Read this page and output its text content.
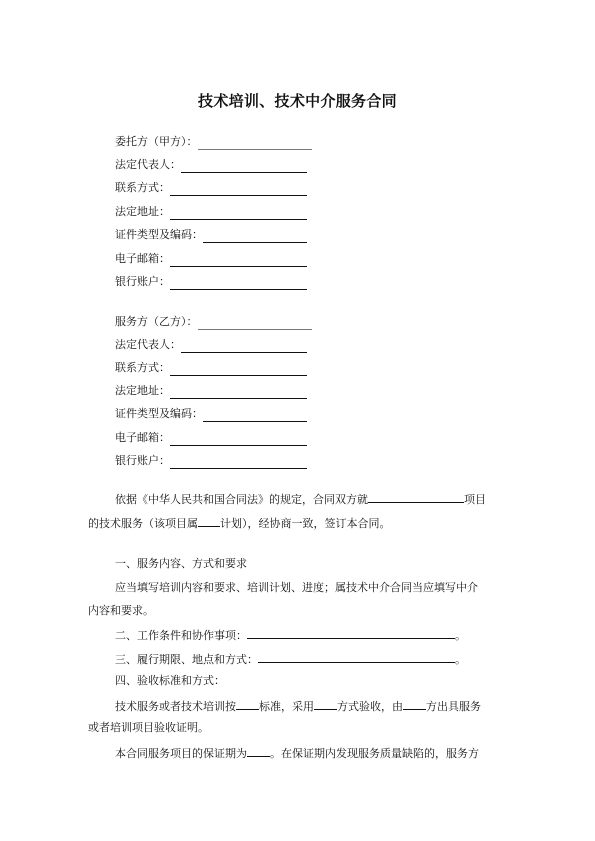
技术培训、技术中介服务合同
委托方（甲方）：
法定代表人：
联系方式：
法定地址：
证件类型及编码：
电子邮箱：
银行账户：
服务方（乙方）：
法定代表人：
联系方式：
法定地址：
证件类型及编码：
电子邮箱：
银行账户：
依据《中华人民共和国合同法》的规定，合同双方就	项目
的技术服务（该项目属 计划），经协商一致，签订本合同。
一、服务内容、方式和要求
应当填写培训内容和要求、培训计划、进度；属技术中介合同当应填写中介
内容和要求。
二、工作条件和协作事项：	。
三、履行期限、地点和方式：	。
四、验收标准和方式：
技术服务或者技术培训按 标准，采用 方式验收，由 方出具服务
或者培训项目验收证明。
本合同服务项目的保证期为 。在保证期内发现服务质量缺陷的，服务方
